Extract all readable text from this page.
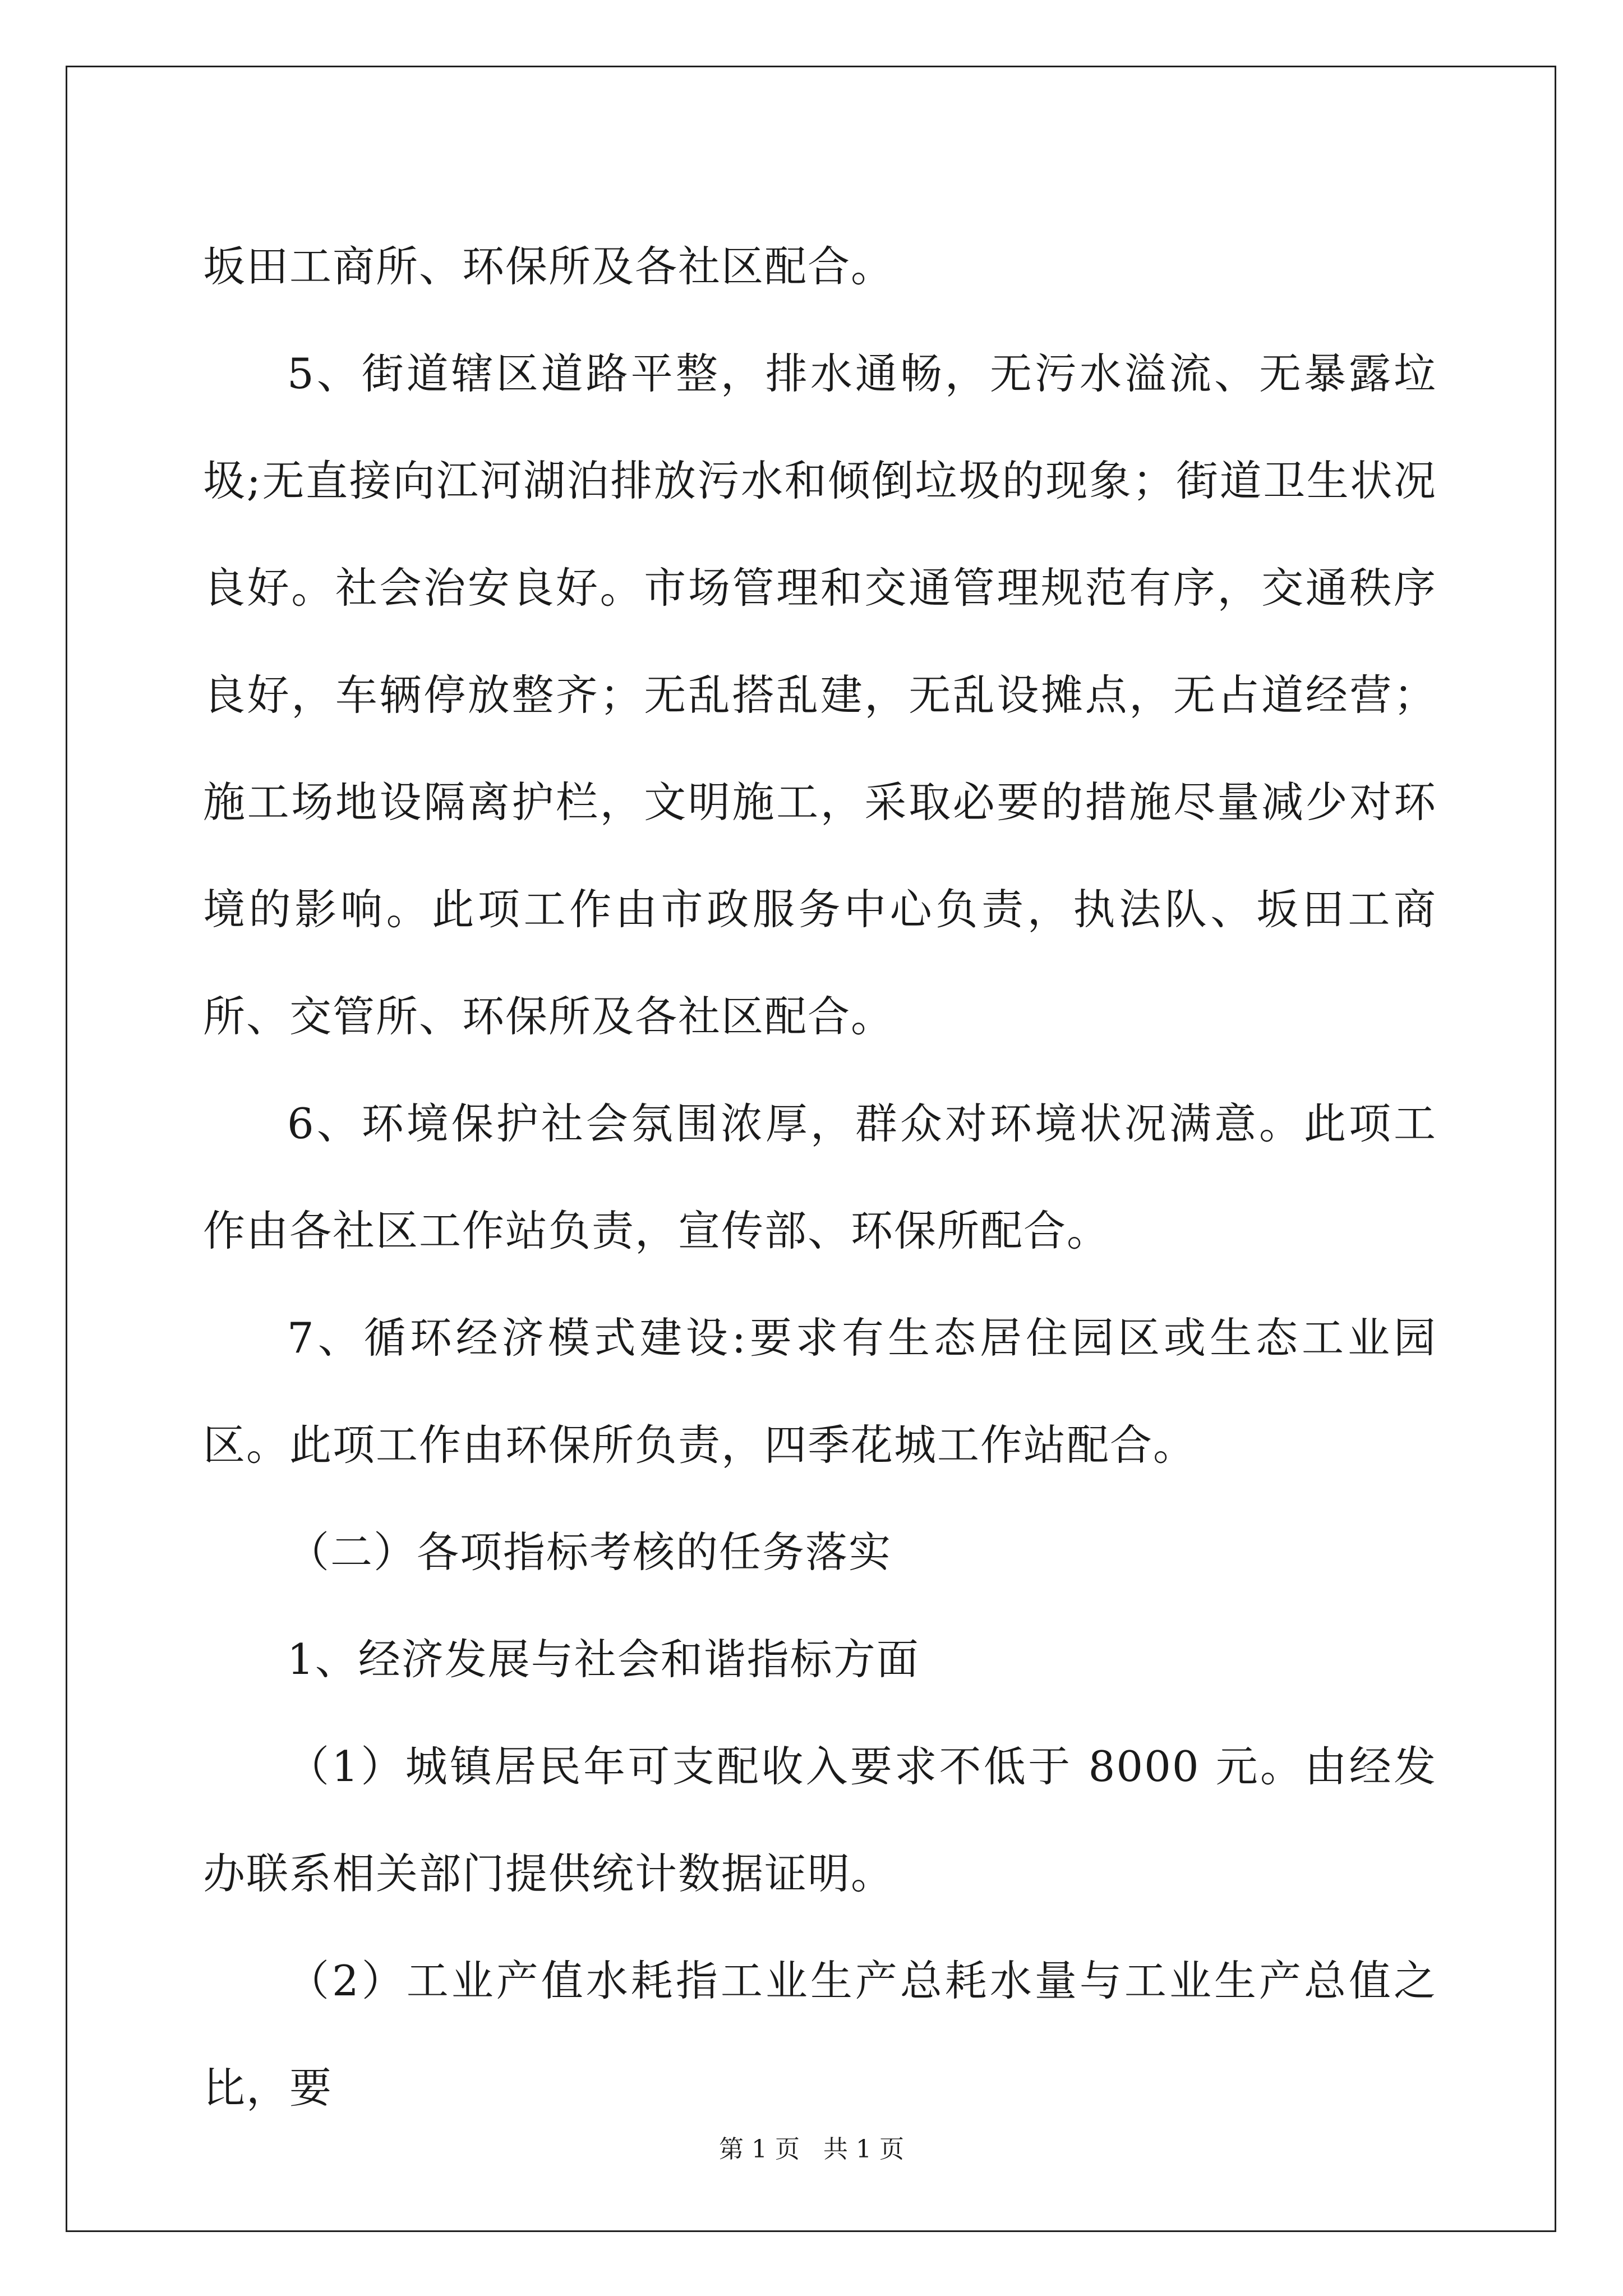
坂田工商所、环保所及各社区配合。

5、街道辖区道路平整，排水通畅，无污水溢流、无暴露垃圾;无直接向江河湖泊排放污水和倾倒垃圾的现象；街道卫生状况良好。社会治安良好。市场管理和交通管理规范有序，交通秩序良好，车辆停放整齐；无乱搭乱建，无乱设摊点，无占道经营；施工场地设隔离护栏，文明施工，采取必要的措施尽量减少对环境的影响。此项工作由市政服务中心负责，执法队、坂田工商所、交管所、环保所及各社区配合。

6、环境保护社会氛围浓厚，群众对环境状况满意。此项工作由各社区工作站负责，宣传部、环保所配合。

7、循环经济模式建设:要求有生态居住园区或生态工业园区。此项工作由环保所负责，四季花城工作站配合。

（二）各项指标考核的任务落实

1、经济发展与社会和谐指标方面

（1）城镇居民年可支配收入要求不低于 8000 元。由经发办联系相关部门提供统计数据证明。

（2）工业产值水耗指工业生产总耗水量与工业生产总值之比，要

第 1 页   共 1 页
